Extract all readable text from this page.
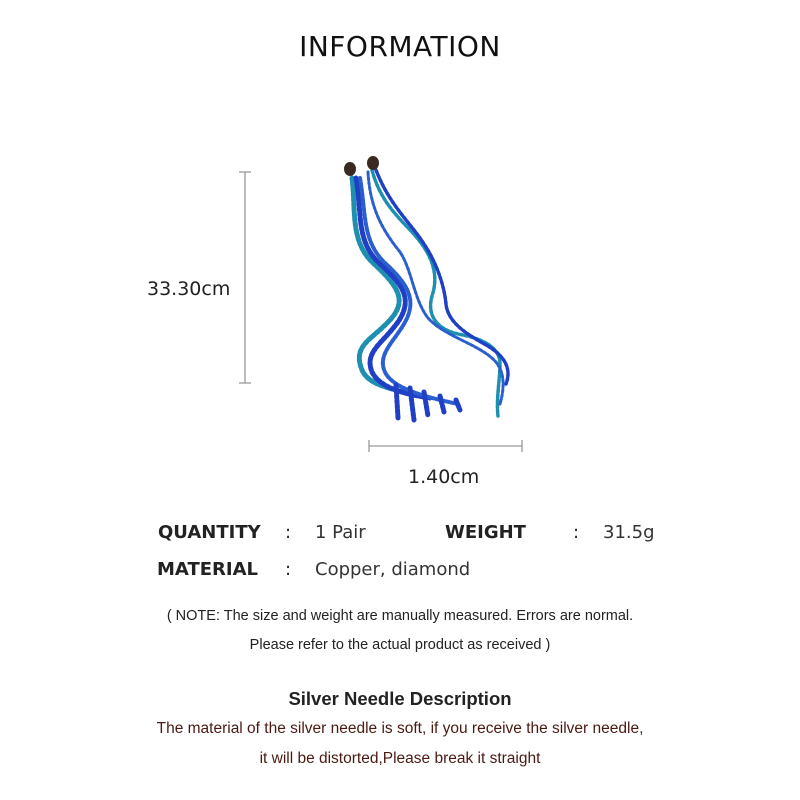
INFORMATION
33.30cm
1.40cm
QUANTITY : 1 Pair	WEIGHT	: 31.5g
MATERIAL : Copper, diamond
( NOTE: The size and weight are manually measured. Errors are normal.
Please refer to the actual product as received )
Silver Needle Description
The material of the silver needle is soft, if you receive the silver needle,
it will be distorted,Please break it straight
